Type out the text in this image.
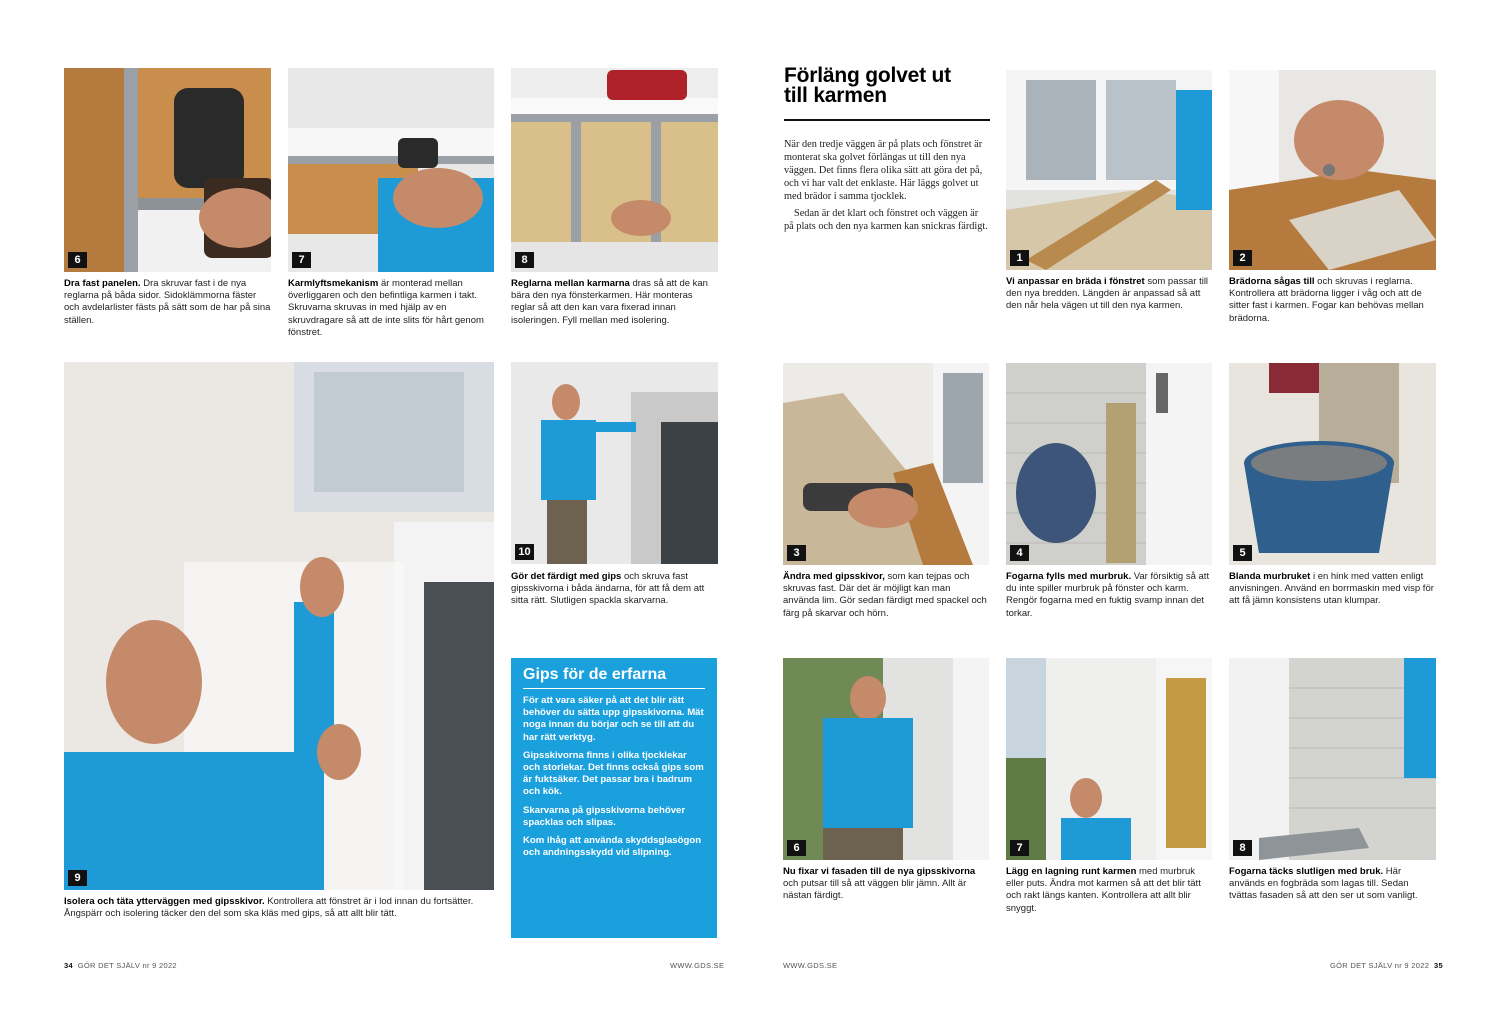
6

Dra fast panelen. Dra skruvar fast i de nya reglarna på båda sidor. Sidoklämmorna fäster och avdelarlister fästs på sätt som de har på sina ställen.

7

Karmlyftsmekanism är monterad mellan överliggaren och den befintliga karmen i takt. Skruvarna skruvas in med hjälp av en skruvdragare så att de inte slits för hårt genom fönstret.

8

Reglarna mellan karmarna dras så att de kan bära den nya fönsterkarmen. Här monteras reglar så att den kan vara fixerad innan isoleringen. Fyll mellan med isolering.

9

Isolera och täta ytterväggen med gipsskivor. Kontrollera att fönstret är i lod innan du fortsätter. Ångspärr och isolering täcker den del som ska kläs med gips, så att allt blir tätt.

10

Gör det färdigt med gips och skruva fast gipsskivorna i båda ändarna, för att få dem att sitta rätt. Slutligen spackla skarvarna.

Gips för de erfarna

För att vara säker på att det blir rätt behöver du sätta upp gipsskivorna. Mät noga innan du börjar och se till att du har rätt verktyg.

Gipsskivorna finns i olika tjocklekar och storlekar. Det finns också gips som är fuktsäker. Det passar bra i badrum och kök.

Skarvarna på gipsskivorna behöver spacklas och slipas.

Kom ihåg att använda skyddsglasögon och andningsskydd vid slipning.

Förläng golvet ut
till karmen

När den tredje väggen är på plats och fönstret är monterat ska golvet förlängas ut till den nya väggen. Det finns flera olika sätt att göra det på, och vi har valt det enklaste. Här läggs golvet ut med brädor i samma tjocklek.

Sedan är det klart och fönstret och väggen är på plats och den nya karmen kan snickras färdigt.

1

Vi anpassar en bräda i fönstret som passar till den nya bredden. Längden är anpassad så att den når hela vägen ut till den nya karmen.

2

Brädorna sågas till och skruvas i reglarna. Kontrollera att brädorna ligger i våg och att de sitter fast i karmen. Fogar kan behövas mellan brädorna.

3

Ändra med gipsskivor, som kan tejpas och skruvas fast. Där det är möjligt kan man använda lim. Gör sedan färdigt med spackel och färg på skarvar och hörn.

4

Fogarna fylls med murbruk. Var försiktig så att du inte spiller murbruk på fönster och karm. Rengör fogarna med en fuktig svamp innan det torkar.

5

Blanda murbruket i en hink med vatten enligt anvisningen. Använd en borrmaskin med visp för att få jämn konsistens utan klumpar.

6

Nu fixar vi fasaden till de nya gipsskivorna och putsar till så att väggen blir jämn. Allt är nästan färdigt.

7

Lägg en lagning runt karmen med murbruk eller puts. Ändra mot karmen så att det blir tätt och rakt längs kanten. Kontrollera att allt blir snyggt.

8

Fogarna täcks slutligen med bruk. Här används en fogbräda som lagas till. Sedan tvättas fasaden så att den ser ut som vanligt.

34 GÖR DET SJÄLV nr 9 2022	WWW.GDS.SE	WWW.GDS.SE	GÖR DET SJÄLV nr 9 2022 35
